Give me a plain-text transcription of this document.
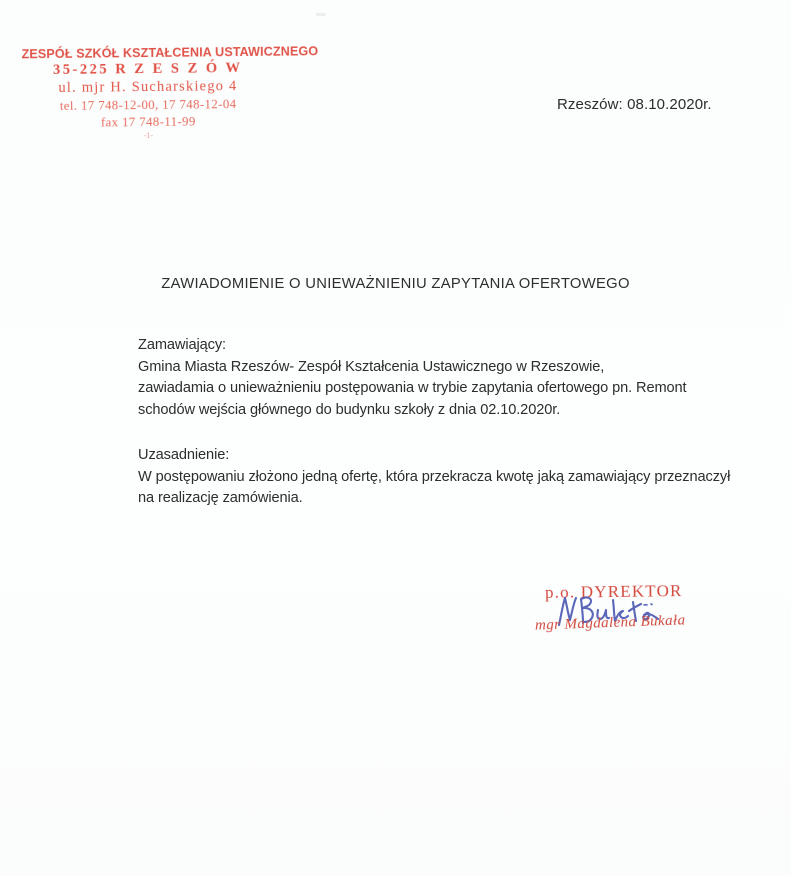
ZESPÓŁ SZKÓŁ KSZTAŁCENIA USTAWICZNEGO
35-225 R Z E S Z Ó W
ul. mjr H. Sucharskiego 4
tel. 17 748-12-00, 17 748-12-04
fax 17 748-11-99
-1-
Rzeszów: 08.10.2020r.
ZAWIADOMIENIE O UNIEWAŻNIENIU ZAPYTANIA OFERTOWEGO
Zamawiający:
Gmina Miasta Rzeszów- Zespół Kształcenia Ustawicznego w Rzeszowie,
zawiadamia o unieważnieniu postępowania w trybie zapytania ofertowego pn. Remont
schodów wejścia głównego do budynku szkoły z dnia 02.10.2020r.
Uzasadnienie:
W postępowaniu złożono jedną ofertę, która przekracza kwotę jaką zamawiający przeznaczył
na realizację zamówienia.
p.o. DYREKTOR
mgr Magdalena Bukała
